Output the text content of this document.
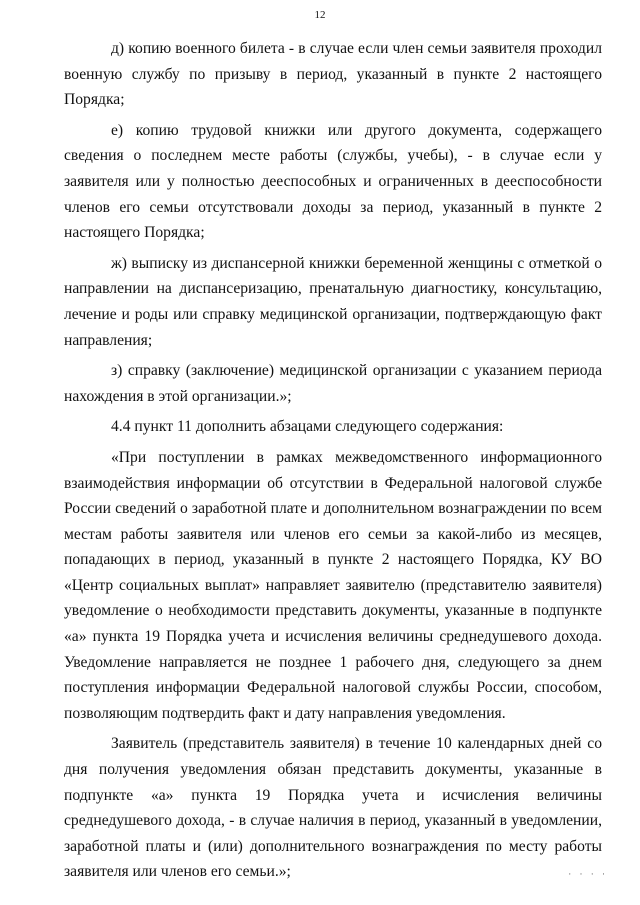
12

д) копию военного билета - в случае если член семьи заявителя проходил военную службу по призыву в период, указанный в пункте 2 настоящего Порядка;

е) копию трудовой книжки или другого документа, содержащего сведения о последнем месте работы (службы, учебы), - в случае если у заявителя или у полностью дееспособных и ограниченных в дееспособности членов его семьи отсутствовали доходы за период, указанный в пункте 2 настоящего Порядка;

ж) выписку из диспансерной книжки беременной женщины с отметкой о направлении на диспансеризацию, пренатальную диагностику, консультацию, лечение и роды или справку медицинской организации, подтверждающую факт направления;

з) справку (заключение) медицинской организации с указанием периода нахождения в этой организации.»;

4.4 пункт 11 дополнить абзацами следующего содержания:

«При поступлении в рамках межведомственного информационного взаимодействия информации об отсутствии в Федеральной налоговой службе России сведений о заработной плате и дополнительном вознаграждении по всем местам работы заявителя или членов его семьи за какой-либо из месяцев, попадающих в период, указанный в пункте 2 настоящего Порядка, КУ ВО «Центр социальных выплат» направляет заявителю (представителю заявителя) уведомление о необходимости представить документы, указанные в подпункте «а» пункта 19 Порядка учета и исчисления величины среднедушевого дохода. Уведомление направляется не позднее 1 рабочего дня, следующего за днем поступления информации Федеральной налоговой службы России, способом, позволяющим подтвердить факт и дату направления уведомления.

Заявитель (представитель заявителя) в течение 10 календарных дней со дня получения уведомления обязан представить документы, указанные в подпункте «а» пункта 19 Порядка учета и исчисления величины среднедушевого дохода, - в случае наличия в период, указанный в уведомлении, заработной платы и (или) дополнительного вознаграждения по месту работы заявителя или членов его семьи.»;	· · · ·
